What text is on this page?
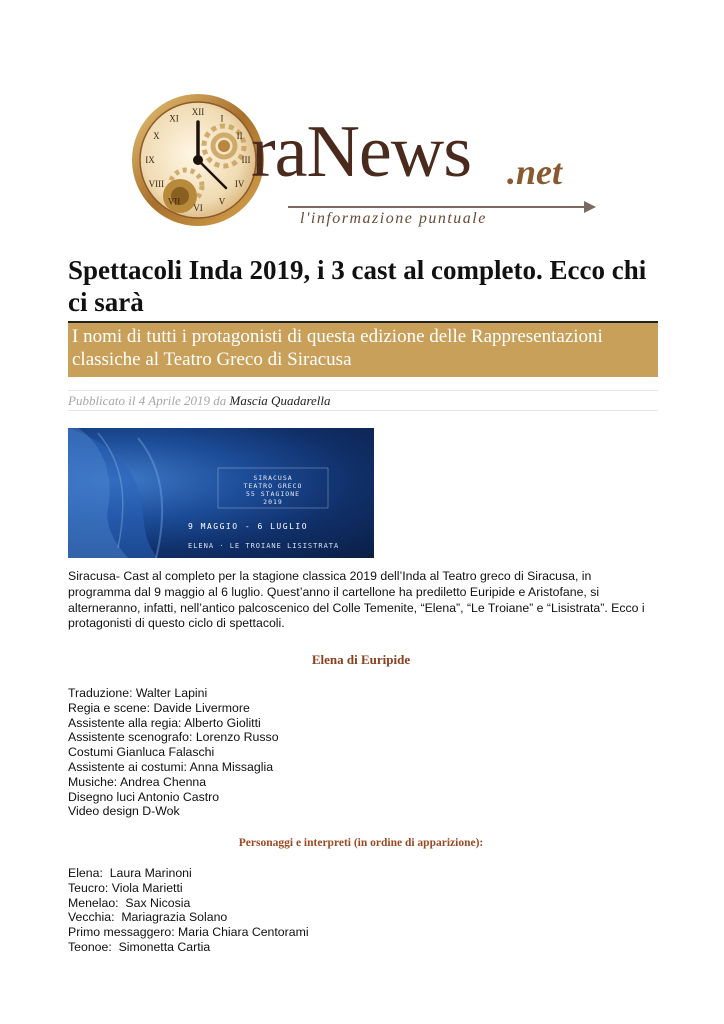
XII
I
II
III
IV
V
VI
VII
VIII
IX
X
XI raNews .net
l'informazione puntuale
Spettacoli Inda 2019, i 3 cast al completo. Ecco chi ci sarà
I nomi di tutti i protagonisti di questa edizione delle Rappresentazioni classiche al Teatro Greco di Siracusa
Pubblicato il 4 Aprile 2019 da Mascia Quadarella
SIRACUSA
TEATRO GRECO
55 STAGIONE
2019
9 MAGGIO - 6 LUGLIO
ELENA · LE TROIANE LISISTRATA

Siracusa- Cast al completo per la stagione classica 2019 dell’Inda al Teatro greco di Siracusa, in programma dal 9 maggio al 6 luglio. Quest’anno il cartellone ha prediletto Euripide e Aristofane, si alterneranno, infatti, nell’antico palcoscenico del Colle Temenite, “Elena”, “Le Troiane” e “Lisistrata”. Ecco i protagonisti di questo ciclo di spettacoli.

Elena di Euripide
Traduzione: Walter Lapini
Regia e scene: Davide Livermore
Assistente alla regia: Alberto Giolitti
Assistente scenografo: Lorenzo Russo
Costumi Gianluca Falaschi
Assistente ai costumi: Anna Missaglia
Musiche: Andrea Chenna
Disegno luci Antonio Castro
Video design D-Wok
Personaggi e interpreti (in ordine di apparizione):
Elena:  Laura Marinoni
Teucro: Viola Marietti
Menelao:  Sax Nicosia
Vecchia:  Mariagrazia Solano
Primo messaggero: Maria Chiara Centorami
Teonoe:  Simonetta Cartia
